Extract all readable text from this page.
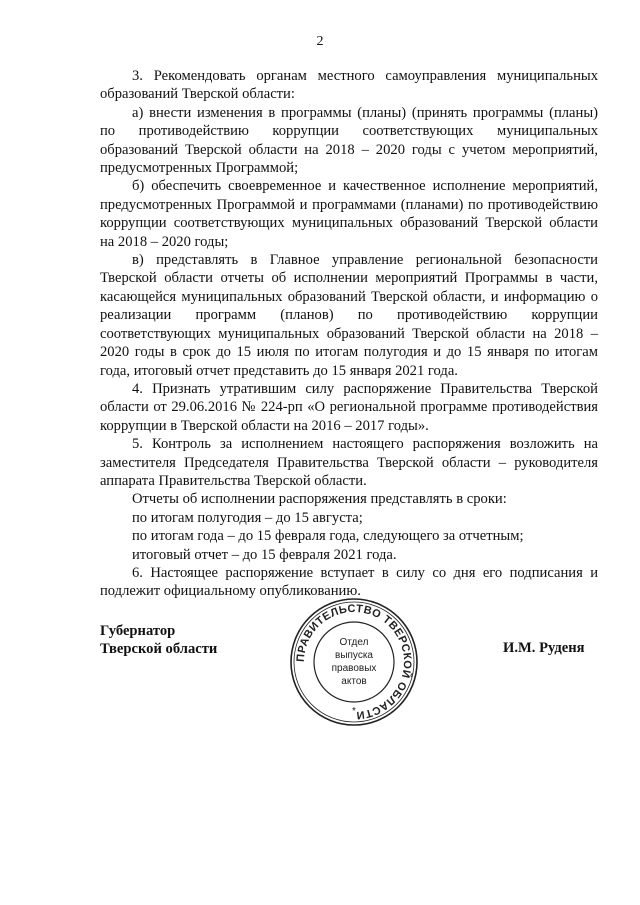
2

3. Рекомендовать органам местного самоуправления муниципальных образований Тверской области:

а) внести изменения в программы (планы) (принять программы (планы) по противодействию коррупции соответствующих муниципальных образований Тверской области на 2018 – 2020 годы с учетом мероприятий, предусмотренных Программой;

б) обеспечить своевременное и качественное исполнение мероприятий, предусмотренных Программой и программами (планами) по противодействию коррупции соответствующих муниципальных образований Тверской области на 2018 – 2020 годы;

в) представлять в Главное управление региональной безопасности Тверской области отчеты об исполнении мероприятий Программы в части, касающейся муниципальных образований Тверской области, и информацию о реализации программ (планов) по противодействию коррупции соответствующих муниципальных образований Тверской области на 2018 – 2020 годы в срок до 15 июля по итогам полугодия и до 15 января по итогам года, итоговый отчет представить до 15 января 2021 года.

4. Признать утратившим силу распоряжение Правительства Тверской области от 29.06.2016 № 224-рп «О региональной программе противодействия коррупции в Тверской области на 2016 – 2017 годы».

5. Контроль за исполнением настоящего распоряжения возложить на заместителя Председателя Правительства Тверской области – руководителя аппарата Правительства Тверской области.

Отчеты об исполнении распоряжения представлять в сроки:

по итогам полугодия – до 15 августа;

по итогам года – до 15 февраля года, следующего за отчетным;

итоговый отчет – до 15 февраля 2021 года.

6. Настоящее распоряжение вступает в силу со дня его подписания и подлежит официальному опубликованию.

Губернатор
Тверской области	И.М. Руденя
ПРАВИТЕЛЬСТВО ТВЕРСКОЙ ОБЛАСТИ
Отдел
выпуска
правовых
актов
*
